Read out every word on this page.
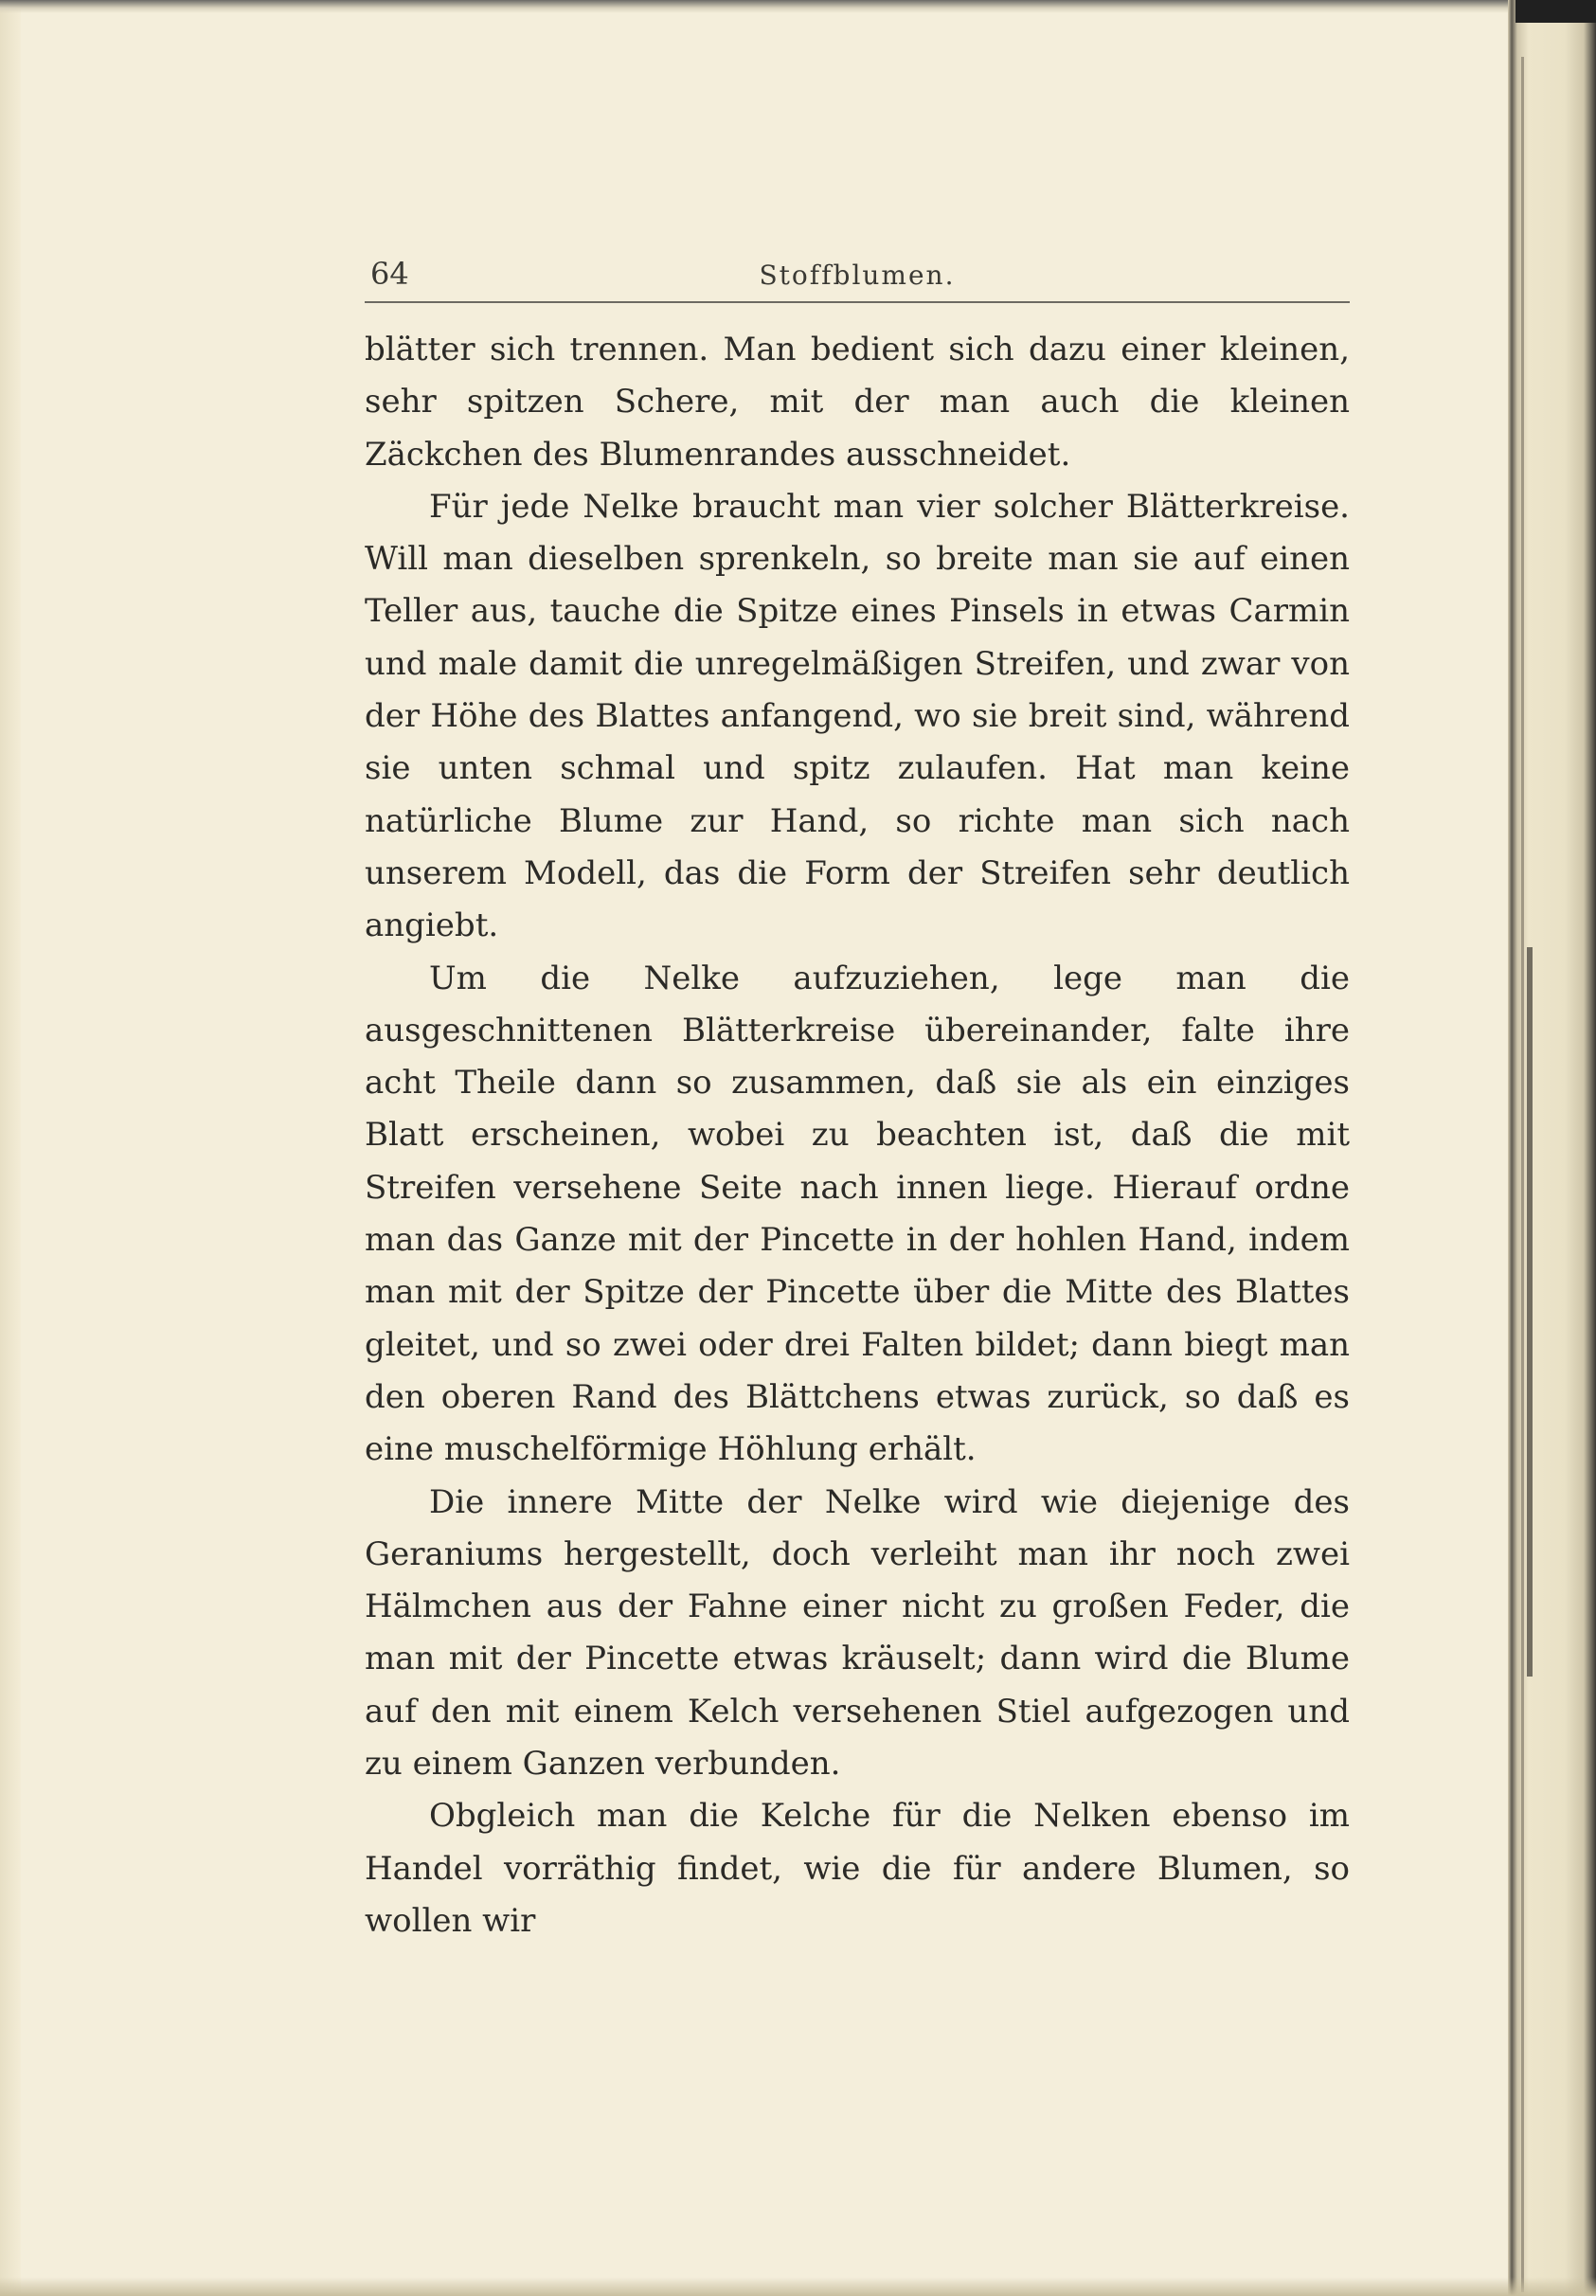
64	Stoffblumen.

blätter sich trennen. Man bedient sich dazu einer kleinen, sehr spitzen Schere, mit der man auch die kleinen Zäckchen des Blumenrandes ausschneidet.

Für jede Nelke braucht man vier solcher Blätterkreise. Will man dieselben sprenkeln, so breite man sie auf einen Teller aus, tauche die Spitze eines Pinsels in etwas Carmin und male damit die unregelmäßigen Streifen, und zwar von der Höhe des Blattes anfangend, wo sie breit sind, während sie unten schmal und spitz zulaufen. Hat man keine natürliche Blume zur Hand, so richte man sich nach unserem Modell, das die Form der Streifen sehr deutlich angiebt.

Um die Nelke aufzuziehen, lege man die ausgeschnittenen Blätterkreise übereinander, falte ihre acht Theile dann so zusammen, daß sie als ein einziges Blatt erscheinen, wobei zu beachten ist, daß die mit Streifen versehene Seite nach innen liege. Hierauf ordne man das Ganze mit der Pincette in der hohlen Hand, indem man mit der Spitze der Pincette über die Mitte des Blattes gleitet, und so zwei oder drei Falten bildet; dann biegt man den oberen Rand des Blättchens etwas zurück, so daß es eine muschelförmige Höhlung erhält.

Die innere Mitte der Nelke wird wie diejenige des Geraniums hergestellt, doch verleiht man ihr noch zwei Hälmchen aus der Fahne einer nicht zu großen Feder, die man mit der Pincette etwas kräuselt; dann wird die Blume auf den mit einem Kelch versehenen Stiel aufgezogen und zu einem Ganzen verbunden.

Obgleich man die Kelche für die Nelken ebenso im Handel vorräthig findet, wie die für andere Blumen, so wollen wir
